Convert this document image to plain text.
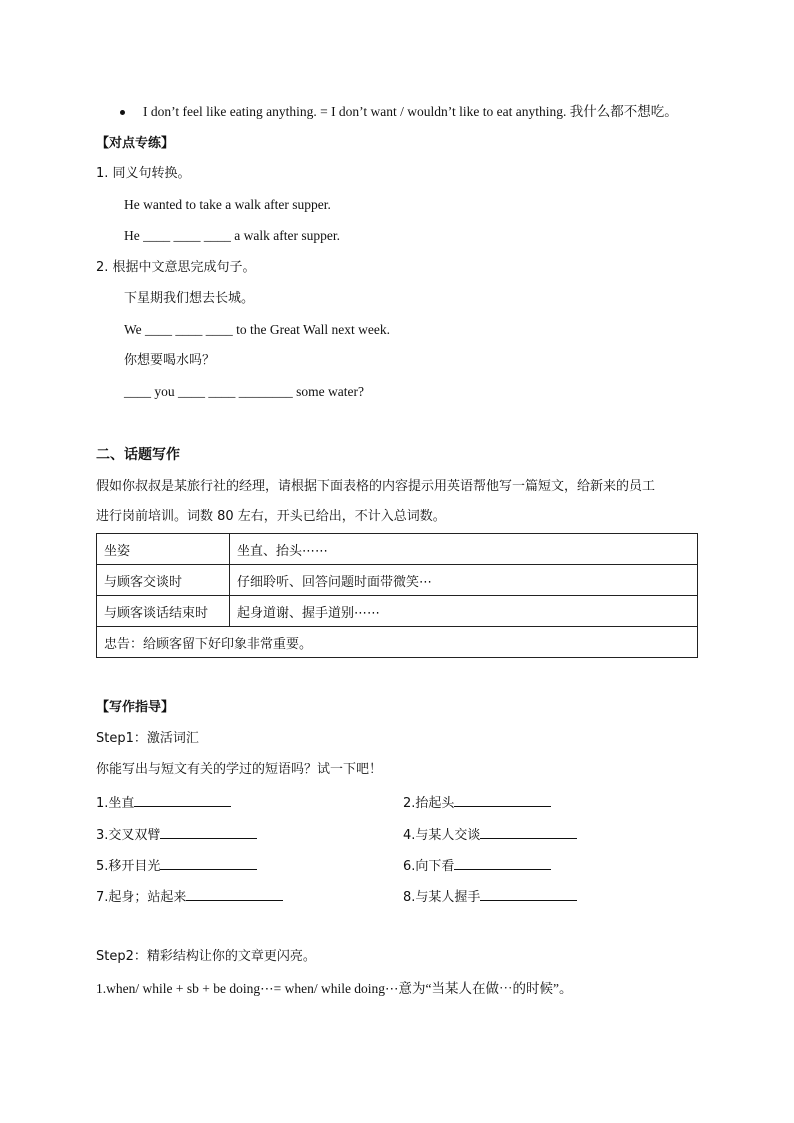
I don’t feel like eating anything. = I don’t want / wouldn’t like to eat anything. 我什么都不想吃。
【对点专练】
1. 同义句转换。
He wanted to take a walk after supper.
He ____ ____ ____ a walk after supper.
2. 根据中文意思完成句子。
下星期我们想去长城。
We ____ ____ ____ to the Great Wall next week.
你想要喝水吗？
____ you ____ ____ ________ some water?
二、话题写作
假如你叔叔是某旅行社的经理，请根据下面表格的内容提示用英语帮他写一篇短文，给新来的员工
进行岗前培训。词数 80 左右，开头已给出，不计入总词数。
坐姿	坐直、抬头⋯⋯
与顾客交谈时	仔细聆听、回答问题时面带微笑⋯
与顾客谈话结束时	起身道谢、握手道别⋯⋯
忠告：给顾客留下好印象非常重要。	
【写作指导】
Step1：激活词汇
你能写出与短文有关的学过的短语吗？试一下吧！
1.坐直	2.抬起头
3.交叉双臂	4.与某人交谈
5.移开目光	6.向下看
7.起身；站起来	8.与某人握手
Step2：精彩结构让你的文章更闪亮。
1.when/ while + sb + be doing⋯= when/ while doing⋯意为“当某人在做⋯的时候”。
